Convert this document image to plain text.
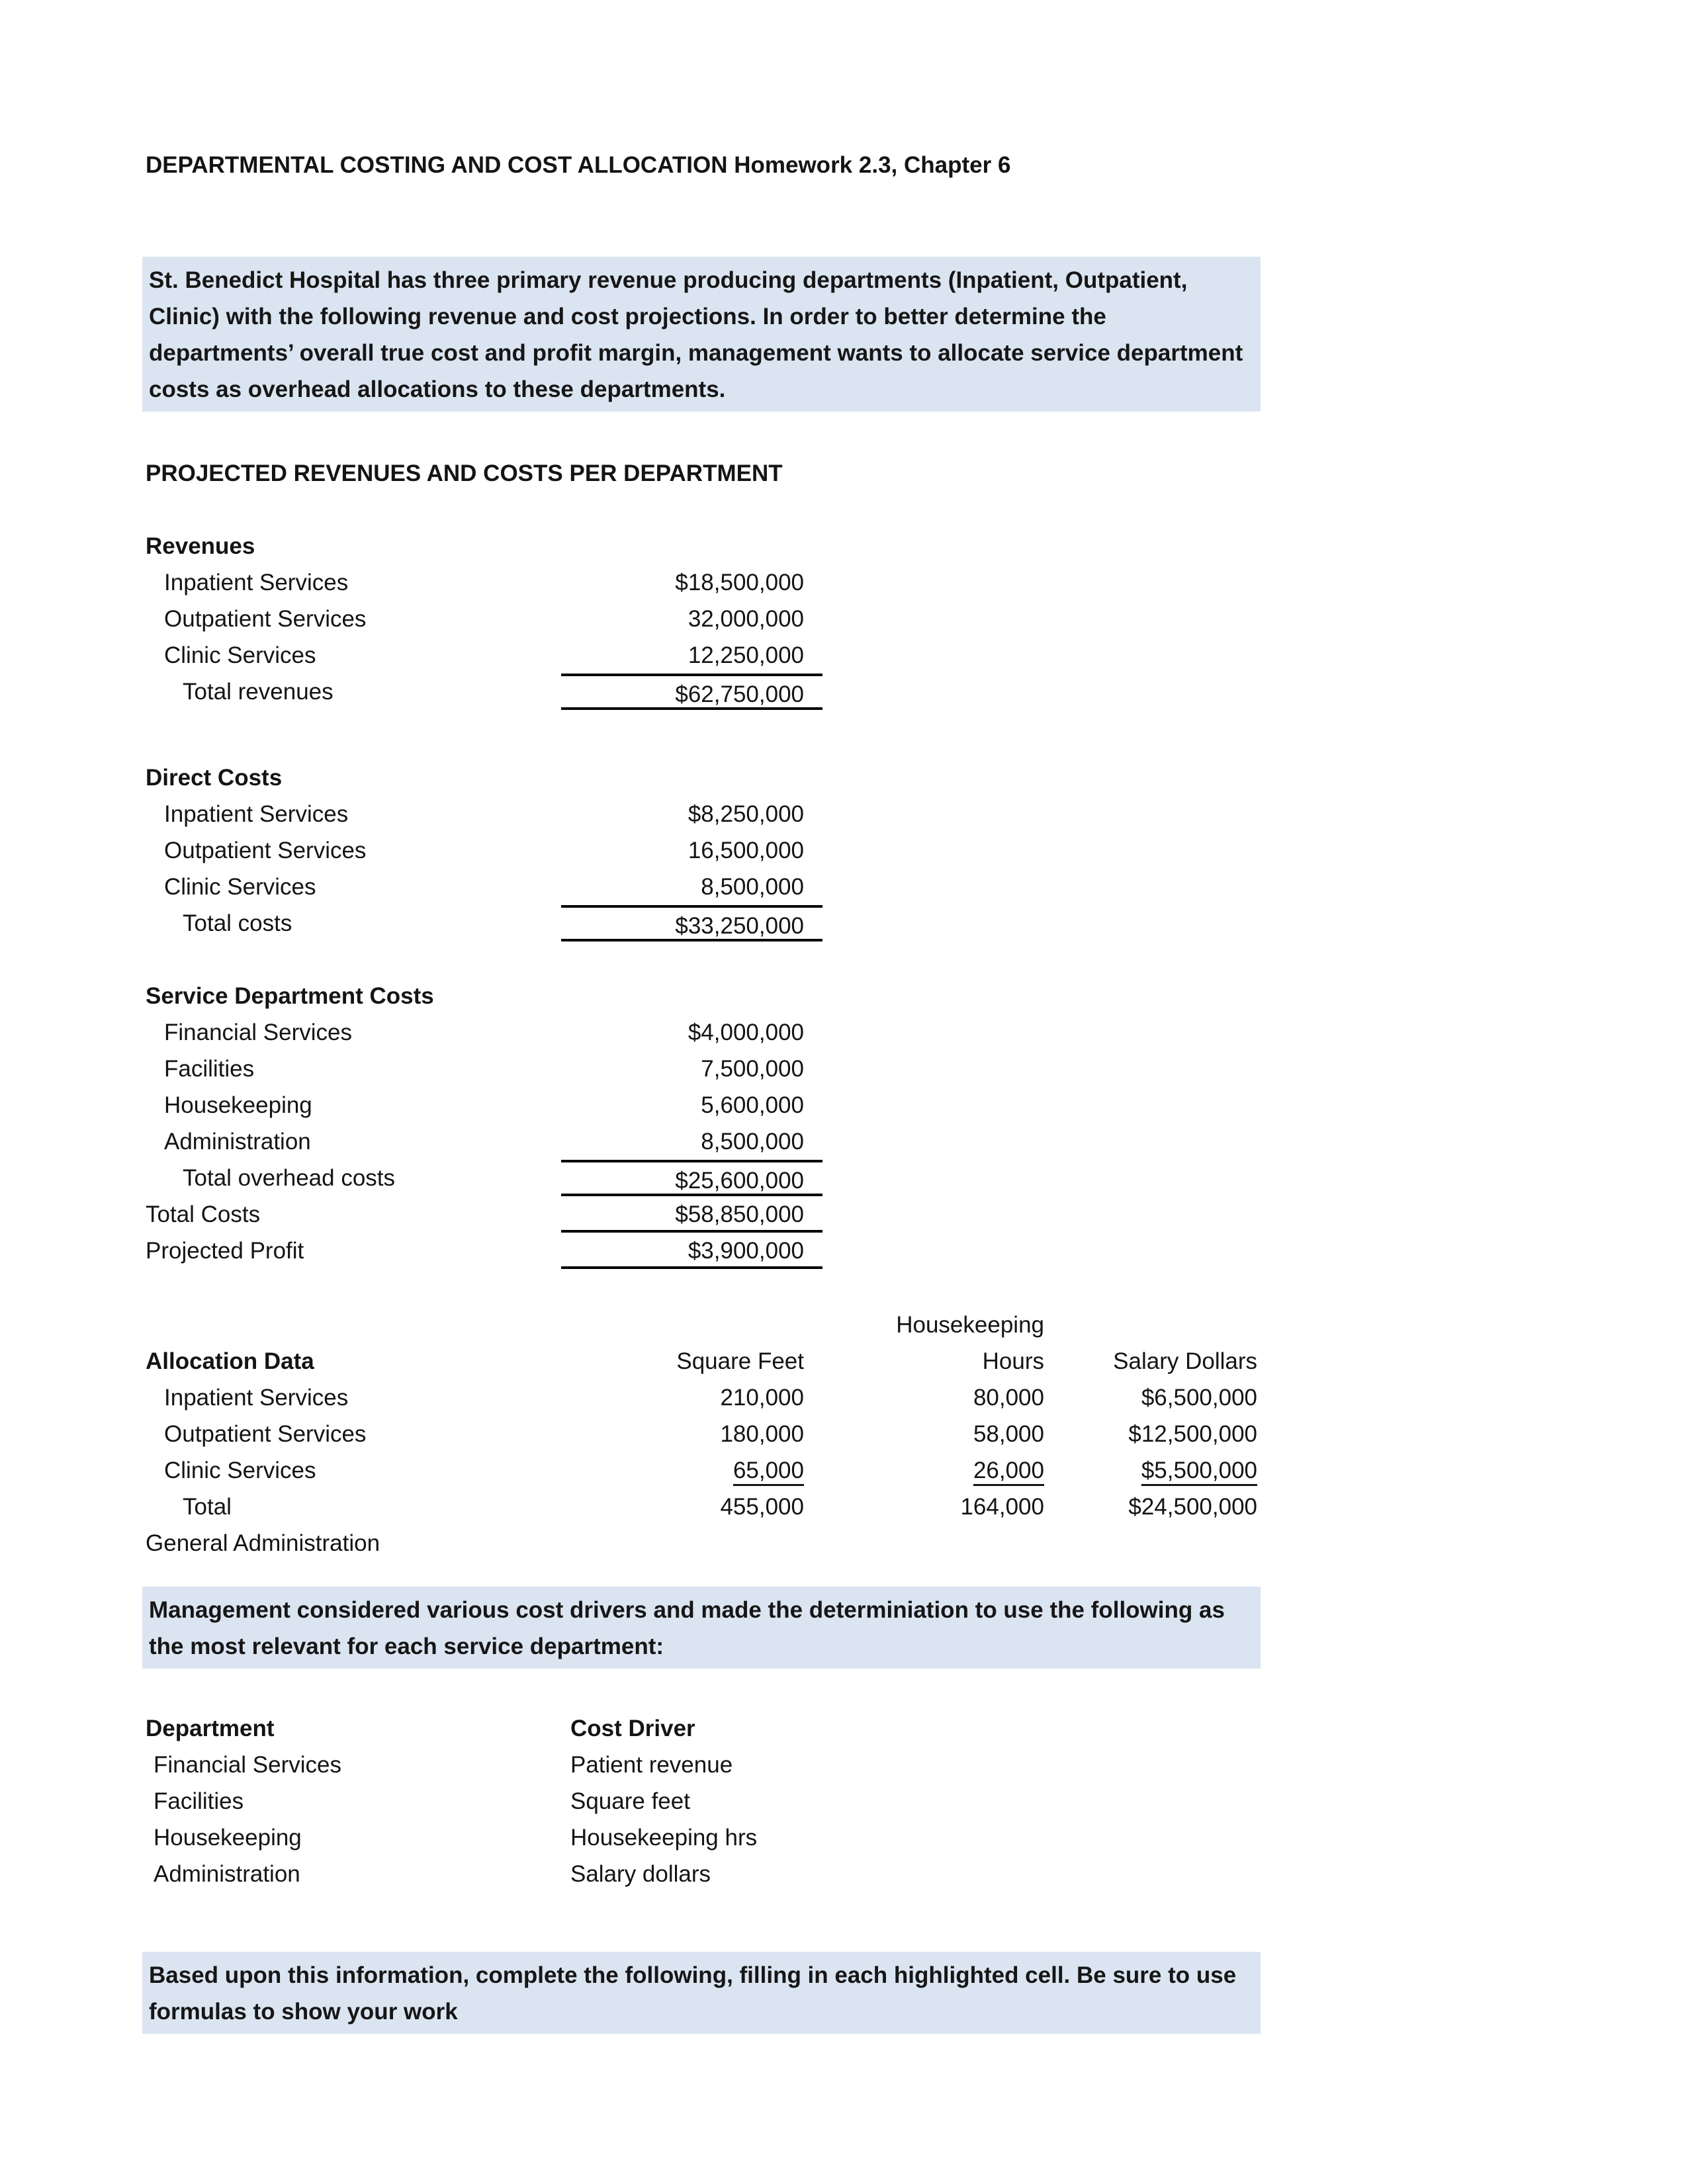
DEPARTMENTAL COSTING AND COST ALLOCATION Homework 2.3, Chapter 6
St. Benedict Hospital has three primary revenue producing departments (Inpatient, Outpatient, Clinic) with the following revenue and cost projections. In order to better determine the departments’ overall true cost and profit margin, management wants to allocate service department costs as overhead allocations to these departments.
PROJECTED REVENUES AND COSTS PER DEPARTMENT
Revenues
Inpatient Services	$18,500,000
Outpatient Services	32,000,000
Clinic Services	12,250,000
Total revenues	$62,750,000
Direct Costs
Inpatient Services	$8,250,000
Outpatient Services	16,500,000
Clinic Services	8,500,000
Total costs	$33,250,000
Service Department Costs
Financial Services	$4,000,000
Facilities	7,500,000
Housekeeping	5,600,000
Administration	8,500,000
Total overhead costs	$25,600,000
Total Costs	$58,850,000
Projected Profit	$3,900,000
Housekeeping
Allocation Data	Square Feet	Hours	Salary Dollars
Inpatient Services	210,000	80,000	$6,500,000
Outpatient Services	180,000	58,000	$12,500,000
Clinic Services	65,000	26,000	$5,500,000
Total	455,000	164,000	$24,500,000
General Administration
Management considered various cost drivers and made the determiniation to use the following as the most relevant for each service department:
Department	Cost Driver
Financial Services	Patient revenue
Facilities	Square feet
Housekeeping	Housekeeping hrs
Administration	Salary dollars
Based upon this information, complete the following, filling in each highlighted cell. Be sure to use formulas to show your work
